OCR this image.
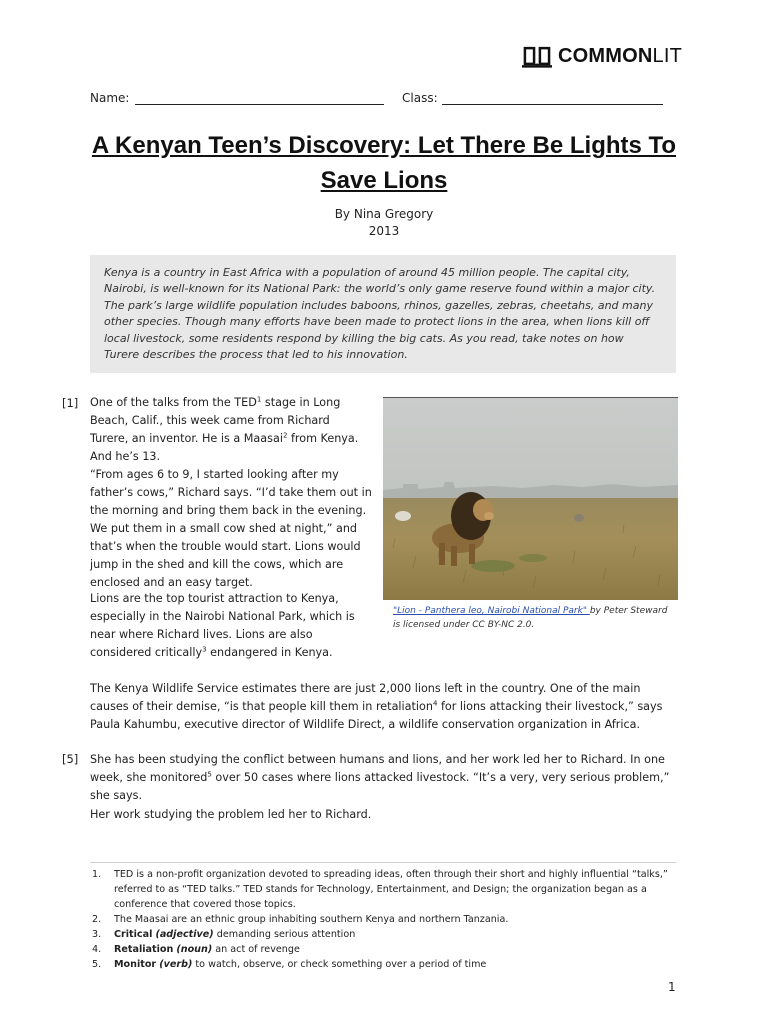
COMMONLIT
Name:	Class:
A Kenyan Teen’s Discovery: Let There Be Lights To Save Lions
By Nina Gregory
2013

Kenya is a country in East Africa with a population of around 45 million people. The capital city, Nairobi, is well-known for its National Park: the world’s only game reserve found within a major city. The park’s large wildlife population includes baboons, rhinos, gazelles, zebras, cheetahs, and many other species. Though many efforts have been made to protect lions in the area, when lions kill off local livestock, some residents respond by killing the big cats. As you read, take notes on how Turere describes the process that led to his innovation.

[1] One of the talks from the TED$^1$ stage in Long Beach, Calif., this week came from Richard Turere, an inventor. He is a Maasai$^2$ from Kenya. And he’s 13.
“From ages 6 to 9, I started looking after my father’s cows,” Richard says. “I’d take them out in the morning and bring them back in the evening. We put them in a small cow shed at night,” and that’s when the trouble would start. Lions would jump in the shed and kill the cows, which are enclosed and an easy target.
Lions are the top tourist attraction to Kenya, especially in the Nairobi National Park, which is near where Richard lives. Lions are also considered critically$^3$ endangered in Kenya.
"Lion - Panthera leo, Nairobi National Park" by Peter Steward is licensed under CC BY-NC 2.0.
The Kenya Wildlife Service estimates there are just 2,000 lions left in the country. One of the main causes of their demise, “is that people kill them in retaliation$^4$ for lions attacking their livestock,” says Paula Kahumbu, executive director of Wildlife Direct, a wildlife conservation organization in Africa.
[5] She has been studying the conflict between humans and lions, and her work led her to Richard. In one week, she monitored$^5$ over 50 cases where lions attacked livestock. “It’s a very, very serious problem,” she says.
Her work studying the problem led her to Richard.
1.	TED is a non-profit organization devoted to spreading ideas, often through their short and highly influential “talks,” referred to as “TED talks.” TED stands for Technology, Entertainment, and Design; the organization began as a conference that covered those topics.
2.	The Maasai are an ethnic group inhabiting southern Kenya and northern Tanzania.
3.	Critical (adjective) demanding serious attention
4.	Retaliation (noun) an act of revenge
5.	Monitor (verb) to watch, observe, or check something over a period of time
1
